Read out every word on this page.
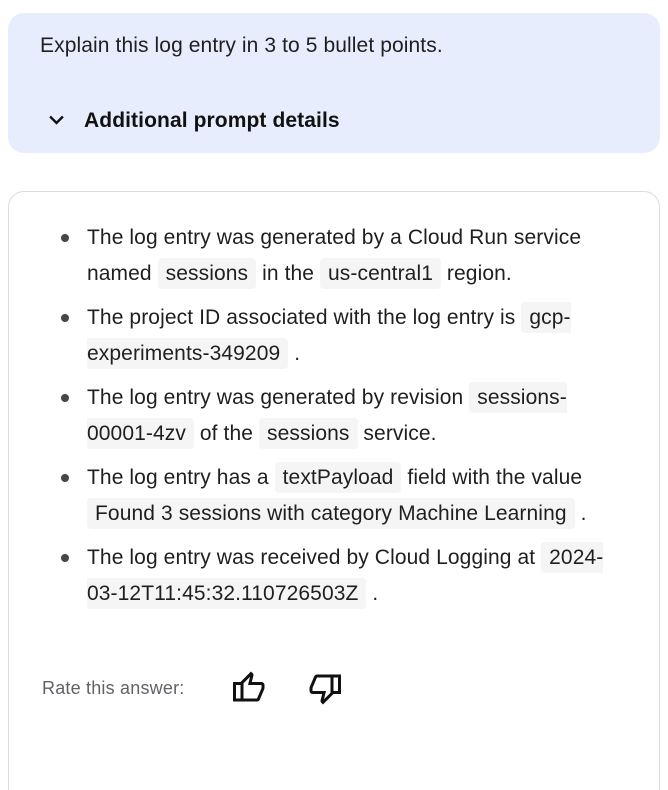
Explain this log entry in 3 to 5 bullet points.
Additional prompt details
The log entry was generated by a Cloud Run service named sessions in the us-central1 region.
The project ID associated with the log entry is gcp-experiments-349209 .
The log entry was generated by revision sessions-00001-4zv of the sessions service.
The log entry has a textPayload field with the value Found 3 sessions with category Machine Learning .
The log entry was received by Cloud Logging at 2024-03-12T11:45:32.110726503Z .
Rate this answer:
